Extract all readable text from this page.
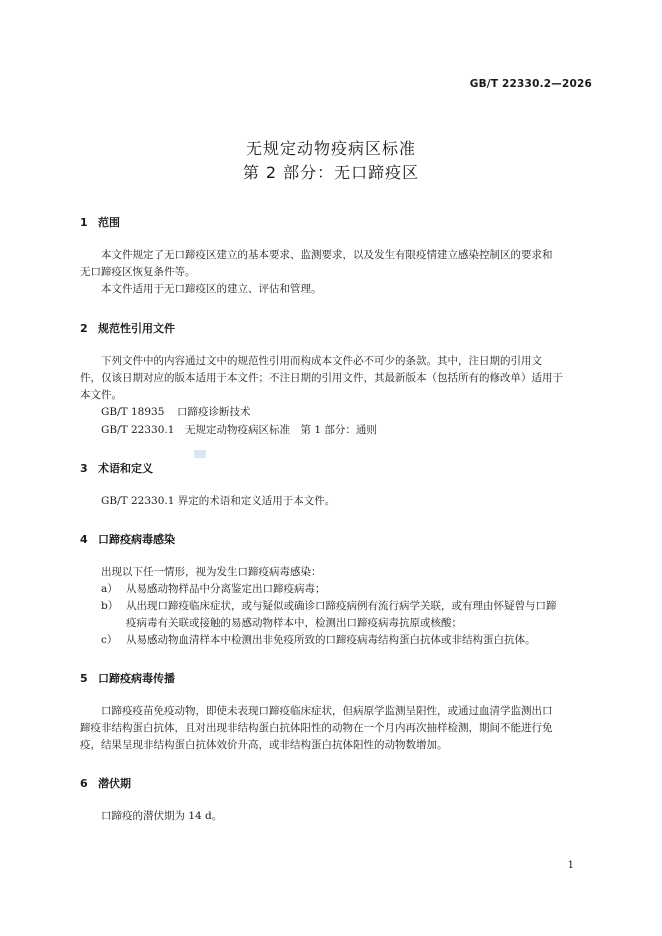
GB/T 22330.2—2026
无规定动物疫病区标准
第 2 部分：无口蹄疫区
1 范围
本文件规定了无口蹄疫区建立的基本要求、监测要求，以及发生有限疫情建立感染控制区的要求和
无口蹄疫区恢复条件等。
本文件适用于无口蹄疫区的建立、评估和管理。
2 规范性引用文件
下列文件中的内容通过文中的规范性引用而构成本文件必不可少的条款。其中，注日期的引用文
件，仅该日期对应的版本适用于本文件；不注日期的引用文件，其最新版本（包括所有的修改单）适用于
本文件。
GB/T 18935 口蹄疫诊断技术
GB/T 22330.1 无规定动物疫病区标准　第 1 部分：通则
3 术语和定义
GB/T 22330.1 界定的术语和定义适用于本文件。
4 口蹄疫病毒感染
出现以下任一情形，视为发生口蹄疫病毒感染：
a） 从易感动物样品中分离鉴定出口蹄疫病毒；
b） 从出现口蹄疫临床症状，或与疑似或确诊口蹄疫病例有流行病学关联，或有理由怀疑曾与口蹄
疫病毒有关联或接触的易感动物样本中，检测出口蹄疫病毒抗原或核酸；
c） 从易感动物血清样本中检测出非免疫所致的口蹄疫病毒结构蛋白抗体或非结构蛋白抗体。
5 口蹄疫病毒传播
口蹄疫疫苗免疫动物，即使未表现口蹄疫临床症状，但病原学监测呈阳性，或通过血清学监测出口
蹄疫非结构蛋白抗体，且对出现非结构蛋白抗体阳性的动物在一个月内再次抽样检测，期间不能进行免
疫，结果呈现非结构蛋白抗体效价升高，或非结构蛋白抗体阳性的动物数增加。
6 潜伏期
口蹄疫的潜伏期为 14 d。
1
